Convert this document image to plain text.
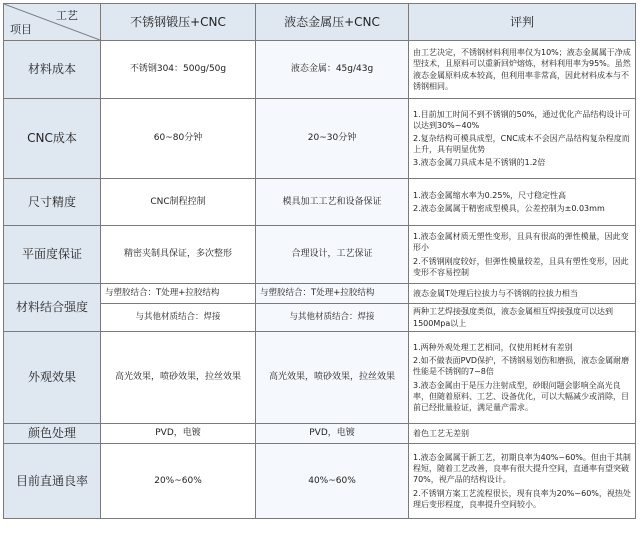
工艺
项目	不锈钢锻压+CNC	液态金属压+CNC	评判
材料成本	不锈钢304：500g/50g	液态金属：45g/43g	由工艺决定，不锈钢材料利用率仅为10%；液态金属属于净成型技术，且原料可以重新回炉熔炼，材料利用率为95%。虽然液态金属原料成本较高，但利用率非常高，因此材料成本与不锈钢相同。

CNC成本	60~80分钟	20~30分钟	1.目前加工时间不到不锈钢的50%，通过优化产品结构设计可以达到30%~40%

2.复杂结构可模具成型，CNC成本不会因产品结构复杂程度而上升，具有明显优势

3.液态金属刀具成本是不锈钢的1.2倍

尺寸精度	CNC制程控制	模具加工工艺和设备保证	1.液态金属缩水率为0.25%，尺寸稳定性高

2.液态金属属于精密成型模具，公差控制为±0.03mm

平面度保证	精密夹制具保证，多次整形	合理设计，工艺保证	1.液态金属材质无塑性变形，且具有很高的弹性模量，因此变形小

2.不锈钢刚度较好，但弹性模量较差，且具有塑性变形，因此变形不容易控制

材料结合强度	与塑胶结合：T处理+拉胶结构	与塑胶结合：T处理+拉胶结构	液态金属T处理后拉拔力与不锈钢的拉拔力相当
	与其他材质结合：焊接	与其他材质结合：焊接	两种工艺焊接强度类似，液态金属相互焊接强度可以达到1500Mpa以上
外观效果	高光效果，喷砂效果，拉丝效果	高光效果，喷砂效果，拉丝效果	1.两种外观处理工艺相同，仅使用耗材有差别

2.如不做表面PVD保护，不锈钢易划伤和磨损，液态金属耐磨性能是不锈钢的7~8倍

3.液态金属由于是压力注射成型，砂眼问题会影响全高光良率，但随着原料、工艺、设备优化，可以大幅减少或消除，目前已经批量验证，满足量产需求。

颜色处理	PVD，电镀	PVD，电镀	着色工艺无差别

目前直通良率	20%~60%	40%~60%	1.液态金属属于新工艺，初期良率为40%~60%。但由于其制程短，随着工艺改善，良率有很大提升空间，直通率有望突破70%，视产品的结构设计。

2.不锈钢方案工艺流程很长，现有良率为20%~60%，视热处理后变形程度，良率提升空间较小。
